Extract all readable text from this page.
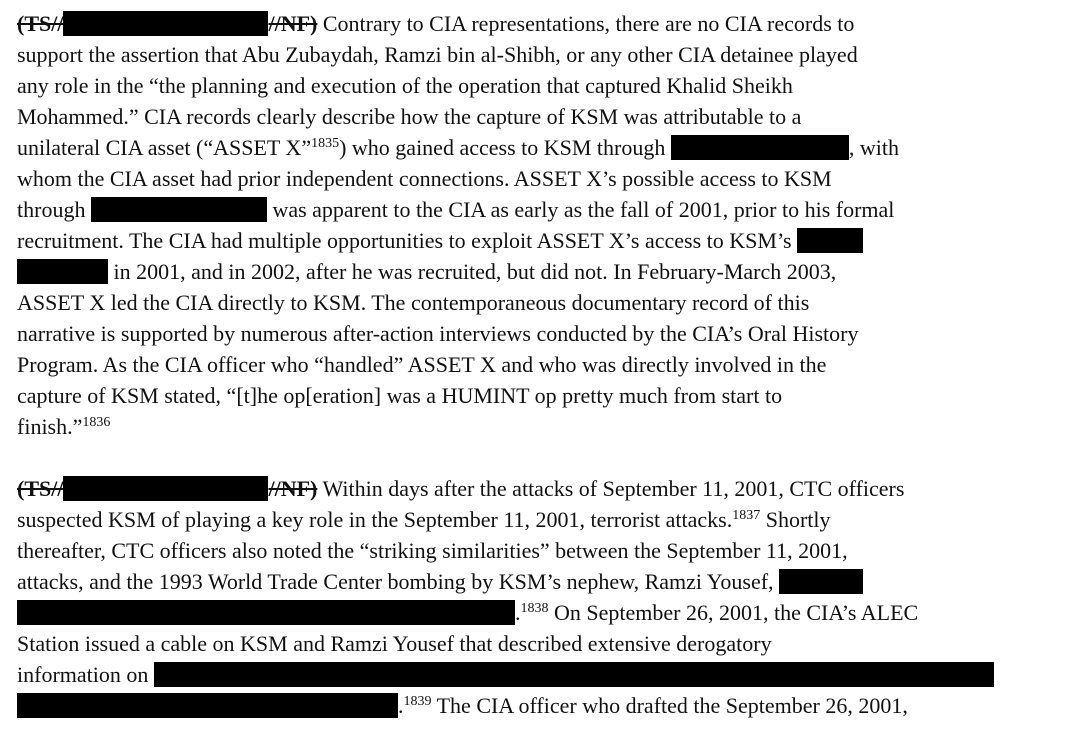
(TS//	//NF) Contrary to CIA representations, there are no CIA records to
support the assertion that Abu Zubaydah, Ramzi bin al-Shibh, or any other CIA detainee played
any role in the “the planning and execution of the operation that captured Khalid Sheikh
Mohammed.” CIA records clearly describe how the capture of KSM was attributable to a
unilateral CIA asset (“ASSET X”$^{1835}$) who gained access to KSM through	, with
whom the CIA asset had prior independent connections. ASSET X’s possible access to KSM
through	was apparent to the CIA as early as the fall of 2001, prior to his formal
recruitment. The CIA had multiple opportunities to exploit ASSET X’s access to KSM’s
in 2001, and in 2002, after he was recruited, but did not. In February-March 2003,
ASSET X led the CIA directly to KSM. The contemporaneous documentary record of this
narrative is supported by numerous after-action interviews conducted by the CIA’s Oral History
Program. As the CIA officer who “handled” ASSET X and who was directly involved in the
capture of KSM stated, “[t]he op[eration] was a HUMINT op pretty much from start to
finish.”$^{1836}$
(TS//	//NF) Within days after the attacks of September 11, 2001, CTC officers
suspected KSM of playing a key role in the September 11, 2001, terrorist attacks.$^{1837}$ Shortly
thereafter, CTC officers also noted the “striking similarities” between the September 11, 2001,
attacks, and the 1993 World Trade Center bombing by KSM’s nephew, Ramzi Yousef,
.$^{1838}$ On September 26, 2001, the CIA’s ALEC
Station issued a cable on KSM and Ramzi Yousef that described extensive derogatory
information on
.$^{1839}$ The CIA officer who drafted the September 26, 2001,
